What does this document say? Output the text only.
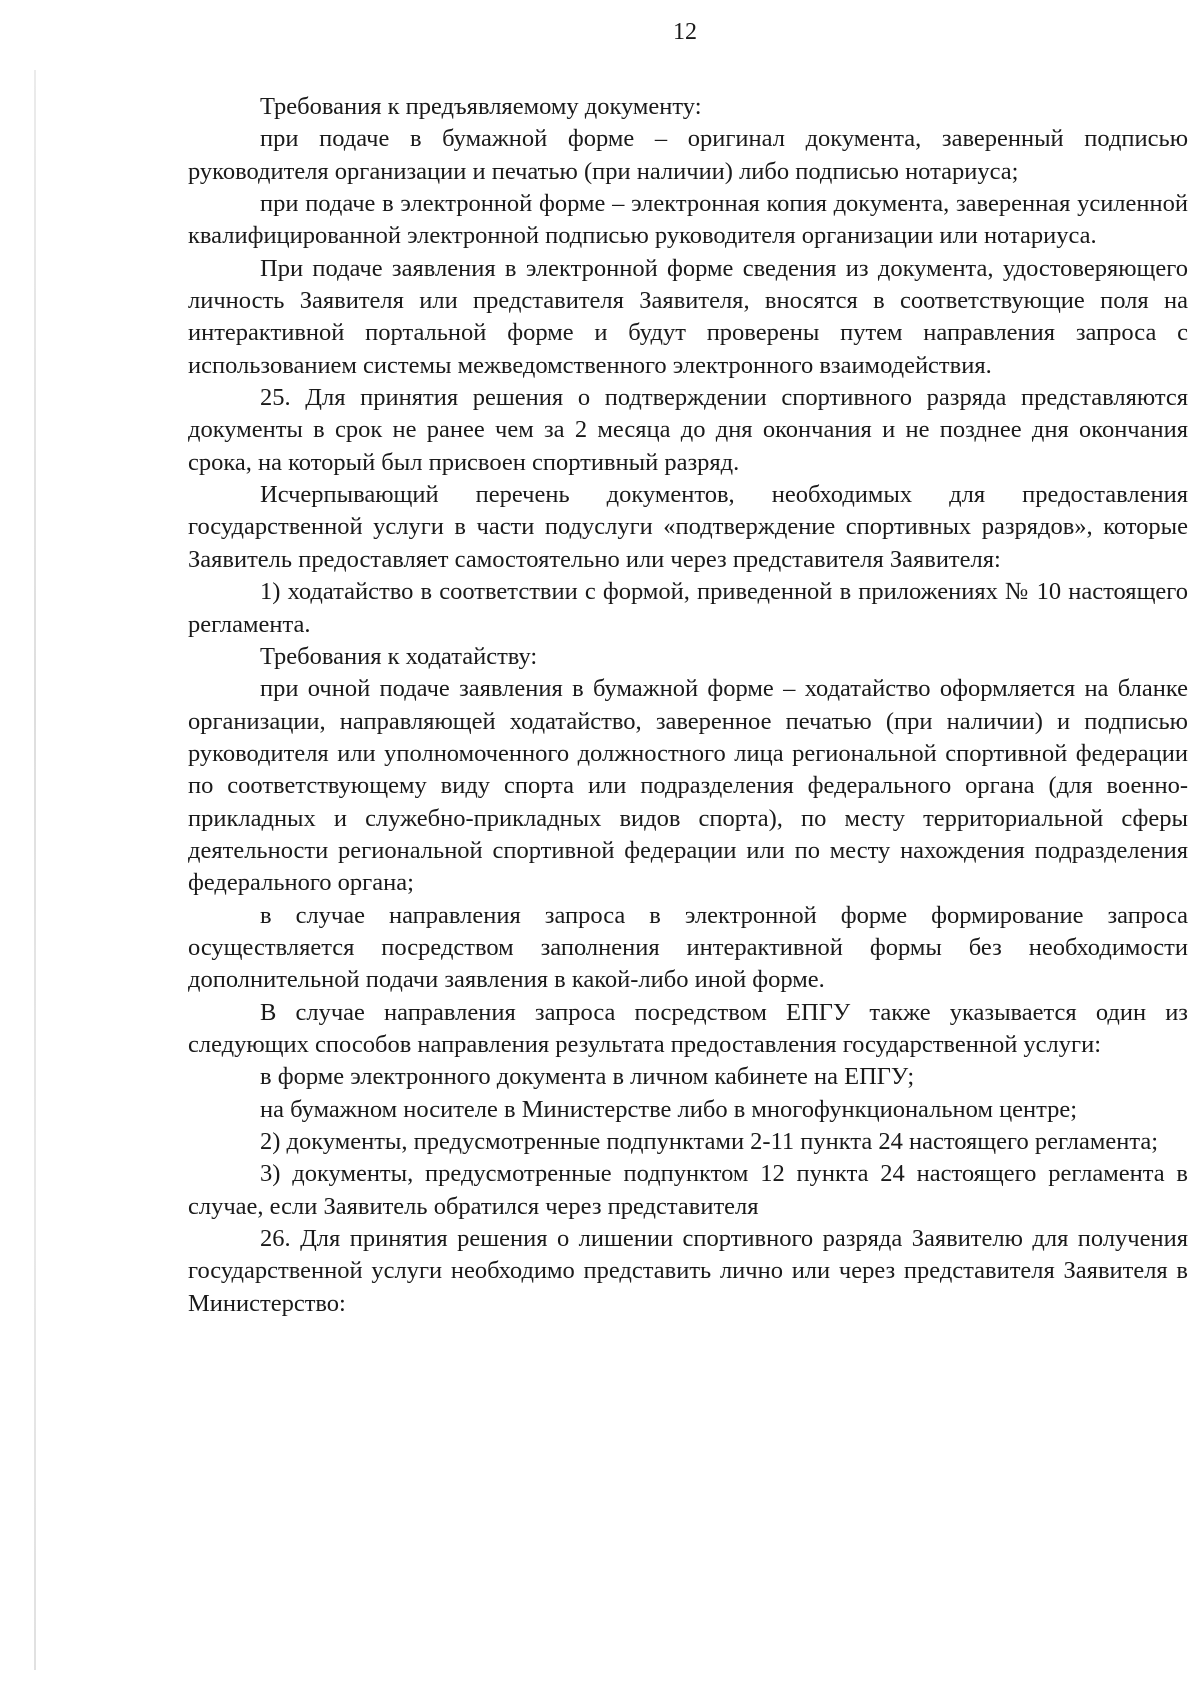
12

Требования к предъявляемому документу:

при подаче в бумажной форме – оригинал документа, заверенный подписью руководителя организации и печатью (при наличии) либо подписью нотариуса;

при подаче в электронной форме – электронная копия документа, заверенная усиленной квалифицированной электронной подписью руководителя организации или нотариуса.

При подаче заявления в электронной форме сведения из документа, удостоверяющего личность Заявителя или представителя Заявителя, вносятся в соответствующие поля на интерактивной портальной форме и будут проверены путем направления запроса с использованием системы межведомственного электронного взаимодействия.

25. Для принятия решения о подтверждении спортивного разряда представляются документы в срок не ранее чем за 2 месяца до дня окончания и не позднее дня окончания срока, на который был присвоен спортивный разряд.

Исчерпывающий перечень документов, необходимых для предоставления государственной услуги в части подуслуги «подтверждение спортивных разрядов», которые Заявитель предоставляет самостоятельно или через представителя Заявителя:

1) ходатайство в соответствии с формой, приведенной в приложениях № 10 настоящего регламента.

Требования к ходатайству:

при очной подаче заявления в бумажной форме – ходатайство оформляется на бланке организации, направляющей ходатайство, заверенное печатью (при наличии) и подписью руководителя или уполномоченного должностного лица региональной спортивной федерации по соответствующему виду спорта или подразделения федерального органа (для военно-прикладных и служебно-прикладных видов спорта), по месту территориальной сферы деятельности региональной спортивной федерации или по месту нахождения подразделения федерального органа;

в случае направления запроса в электронной форме формирование запроса осуществляется посредством заполнения интерактивной формы без необходимости дополнительной подачи заявления в какой-либо иной форме.

В случае направления запроса посредством ЕПГУ также указывается один из следующих способов направления результата предоставления государственной услуги:

в форме электронного документа в личном кабинете на ЕПГУ;

на бумажном носителе в Министерстве либо в многофункциональном центре;

2) документы, предусмотренные подпунктами 2-11 пункта 24 настоящего регламента;

3) документы, предусмотренные подпунктом 12 пункта 24 настоящего регламента в случае, если Заявитель обратился через представителя

26. Для принятия решения о лишении спортивного разряда Заявителю для получения государственной услуги необходимо представить лично или через представителя Заявителя в Министерство:
